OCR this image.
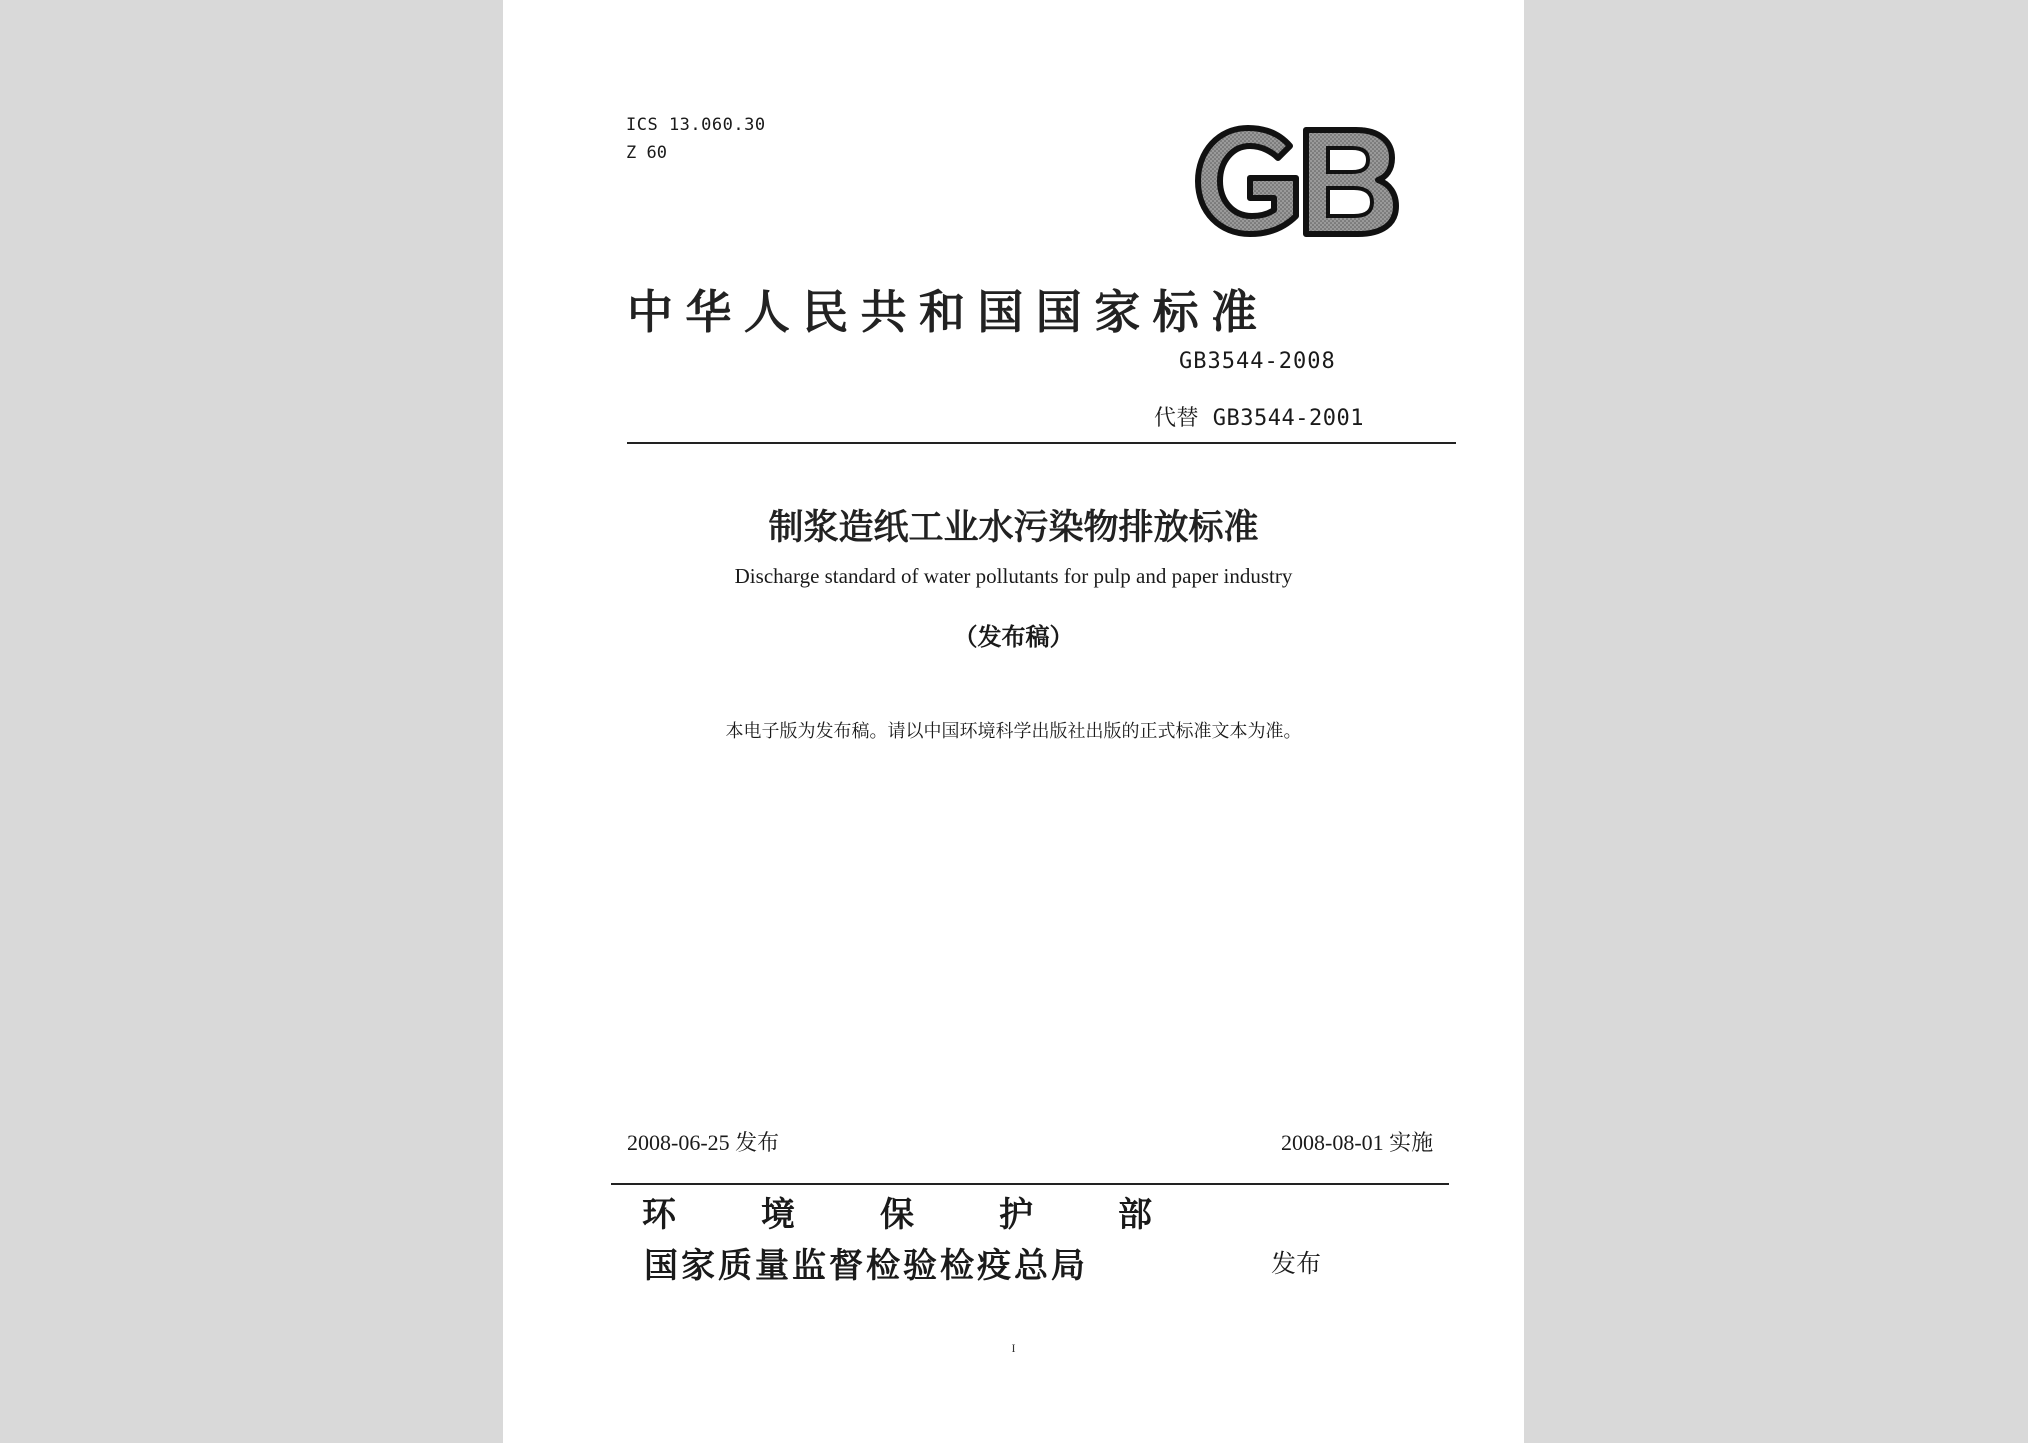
ICS 13.060.30
Z 60
GB
中华人民共和国国家标准
GB3544-2008
代替 GB3544-2001
制浆造纸工业水污染物排放标准
Discharge standard of water pollutants for pulp and paper industry
（发布稿）
本电子版为发布稿。请以中国环境科学出版社出版的正式标准文本为准。
2008-06-25 发布	2008-08-01 实施
环境保护部
国家质量监督检验检疫总局	发布
I
